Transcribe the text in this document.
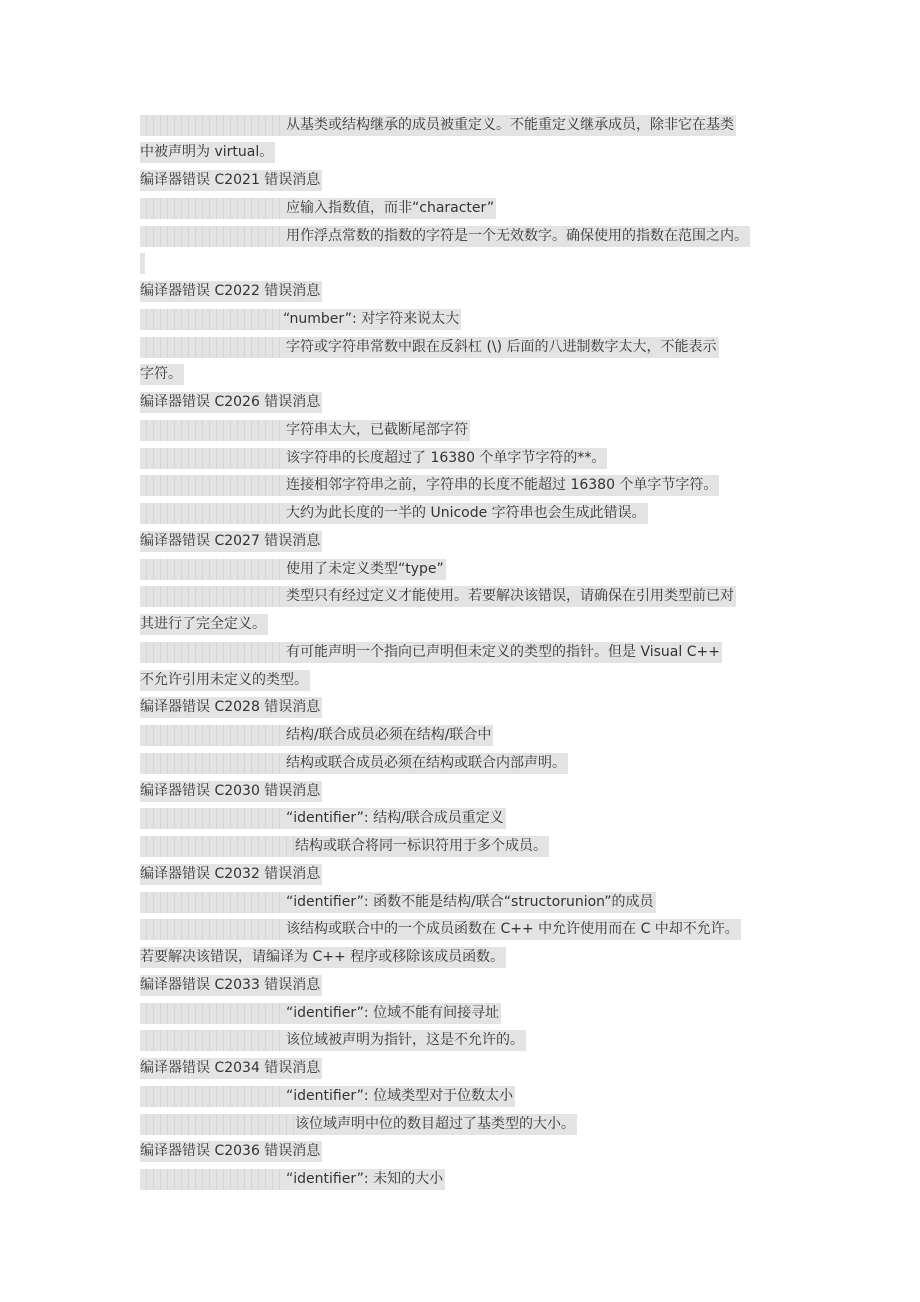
从基类或结构继承的成员被重定义。不能重定义继承成员，除非它在基类
中被声明为 virtual。
编译器错误 C2021 错误消息
应输入指数值，而非“character”
用作浮点常数的指数的字符是一个无效数字。确保使用的指数在范围之内。

编译器错误 C2022 错误消息
“number”: 对字符来说太大
字符或字符串常数中跟在反斜杠 (\) 后面的八进制数字太大，不能表示
字符。
编译器错误 C2026 错误消息
字符串太大，已截断尾部字符
该字符串的长度超过了 16380 个单字节字符的**。
连接相邻字符串之前，字符串的长度不能超过 16380 个单字节字符。
大约为此长度的一半的 Unicode 字符串也会生成此错误。
编译器错误 C2027 错误消息
使用了未定义类型“type”
类型只有经过定义才能使用。若要解决该错误，请确保在引用类型前已对
其进行了完全定义。
有可能声明一个指向已声明但未定义的类型的指针。但是 Visual C++
不允许引用未定义的类型。
编译器错误 C2028 错误消息
结构/联合成员必须在结构/联合中
结构或联合成员必须在结构或联合内部声明。
编译器错误 C2030 错误消息
“identifier”: 结构/联合成员重定义
结构或联合将同一标识符用于多个成员。
编译器错误 C2032 错误消息
“identifier”: 函数不能是结构/联合“structorunion”的成员
该结构或联合中的一个成员函数在 C++ 中允许使用而在 C 中却不允许。
若要解决该错误，请编译为 C++ 程序或移除该成员函数。
编译器错误 C2033 错误消息
“identifier”: 位域不能有间接寻址
该位域被声明为指针，这是不允许的。
编译器错误 C2034 错误消息
“identifier”: 位域类型对于位数太小
该位域声明中位的数目超过了基类型的大小。
编译器错误 C2036 错误消息
“identifier”: 未知的大小
